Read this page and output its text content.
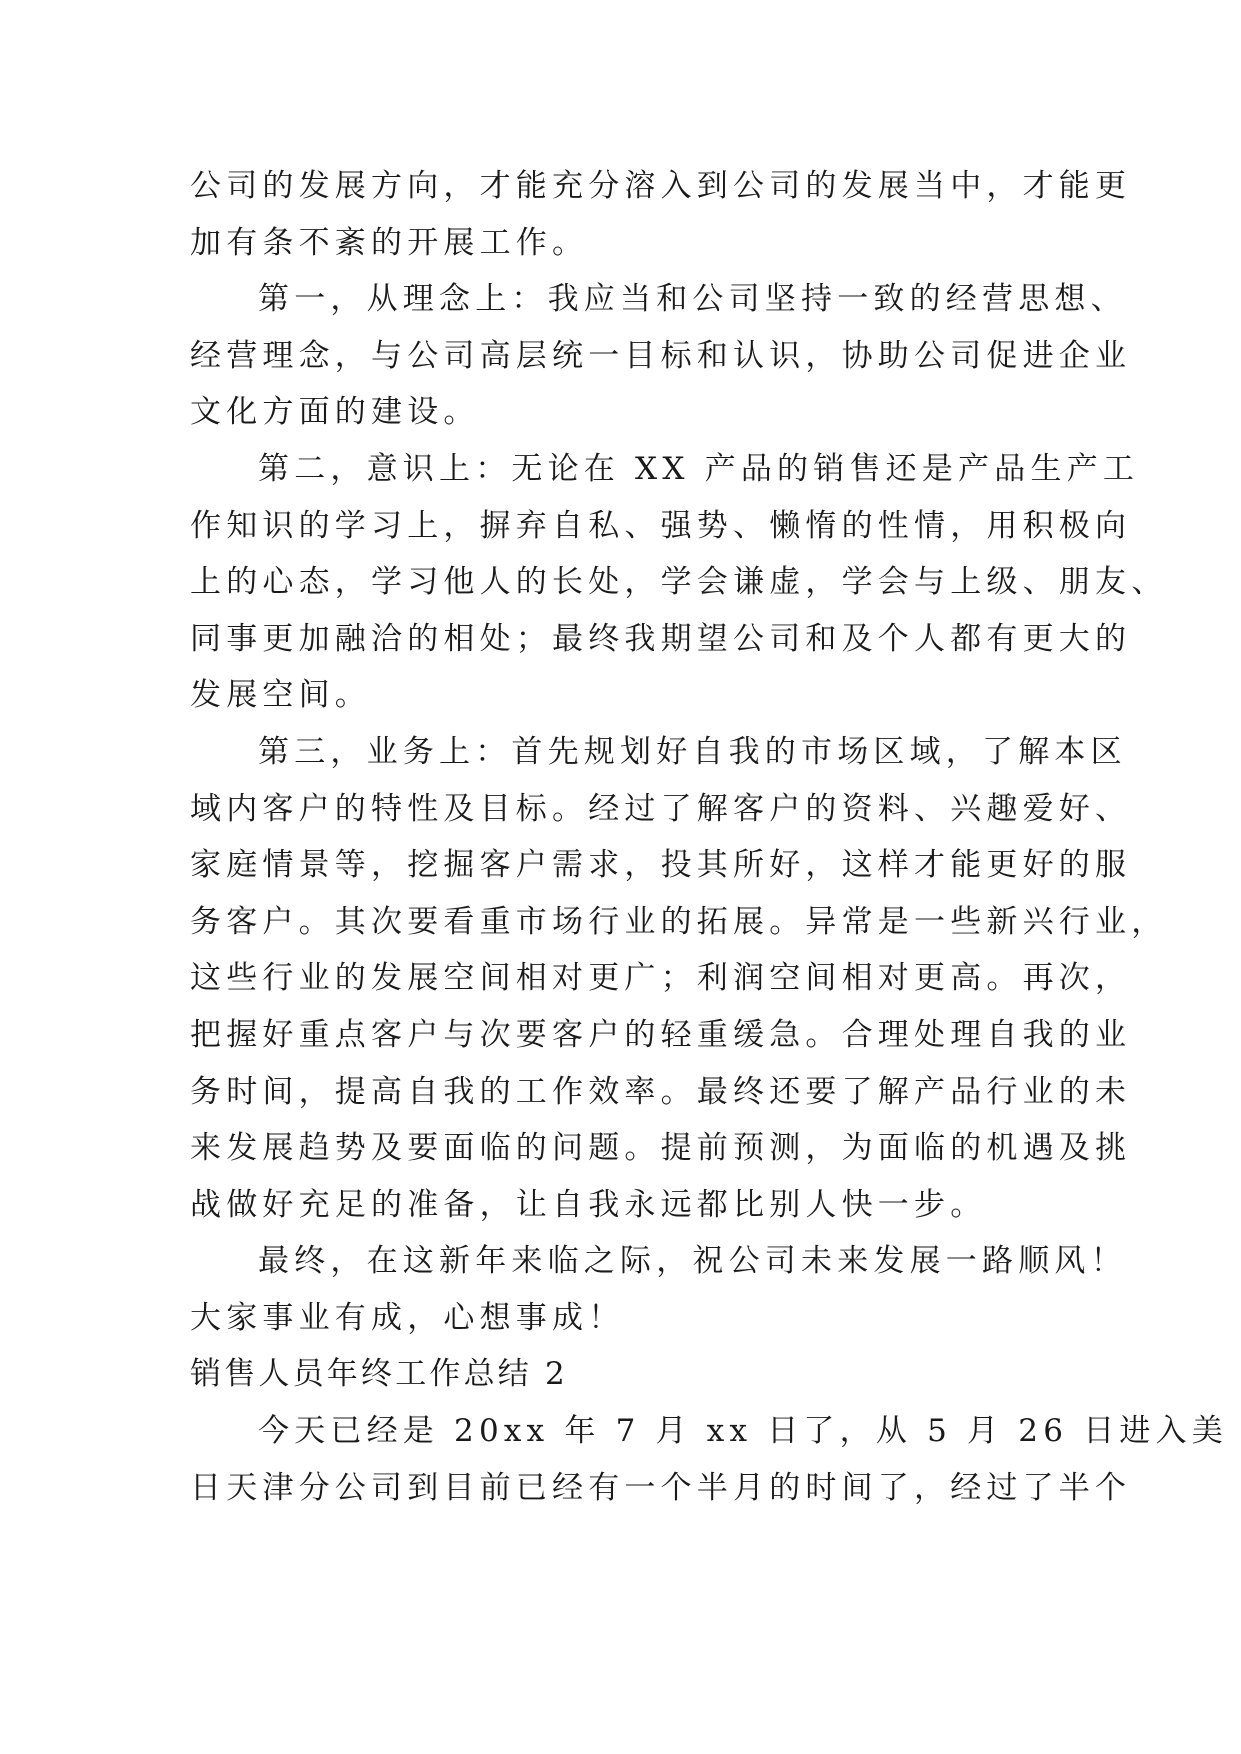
公司的发展方向，才能充分溶入到公司的发展当中，才能更
加有条不紊的开展工作。
第一，从理念上：我应当和公司坚持一致的经营思想、
经营理念，与公司高层统一目标和认识，协助公司促进企业
文化方面的建设。
第二，意识上：无论在 XX 产品的销售还是产品生产工
作知识的学习上，摒弃自私、强势、懒惰的性情，用积极向
上的心态，学习他人的长处，学会谦虚，学会与上级、朋友、
同事更加融洽的相处；最终我期望公司和及个人都有更大的
发展空间。
第三，业务上：首先规划好自我的市场区域，了解本区
域内客户的特性及目标。经过了解客户的资料、兴趣爱好、
家庭情景等，挖掘客户需求，投其所好，这样才能更好的服
务客户。其次要看重市场行业的拓展。异常是一些新兴行业，
这些行业的发展空间相对更广；利润空间相对更高。再次，
把握好重点客户与次要客户的轻重缓急。合理处理自我的业
务时间，提高自我的工作效率。最终还要了解产品行业的未
来发展趋势及要面临的问题。提前预测，为面临的机遇及挑
战做好充足的准备，让自我永远都比别人快一步。
最终，在这新年来临之际，祝公司未来发展一路顺风！
大家事业有成，心想事成！
销售人员年终工作总结 2
今天已经是 20xx 年 7 月 xx 日了，从 5 月 26 日进入美
日天津分公司到目前已经有一个半月的时间了，经过了半个
